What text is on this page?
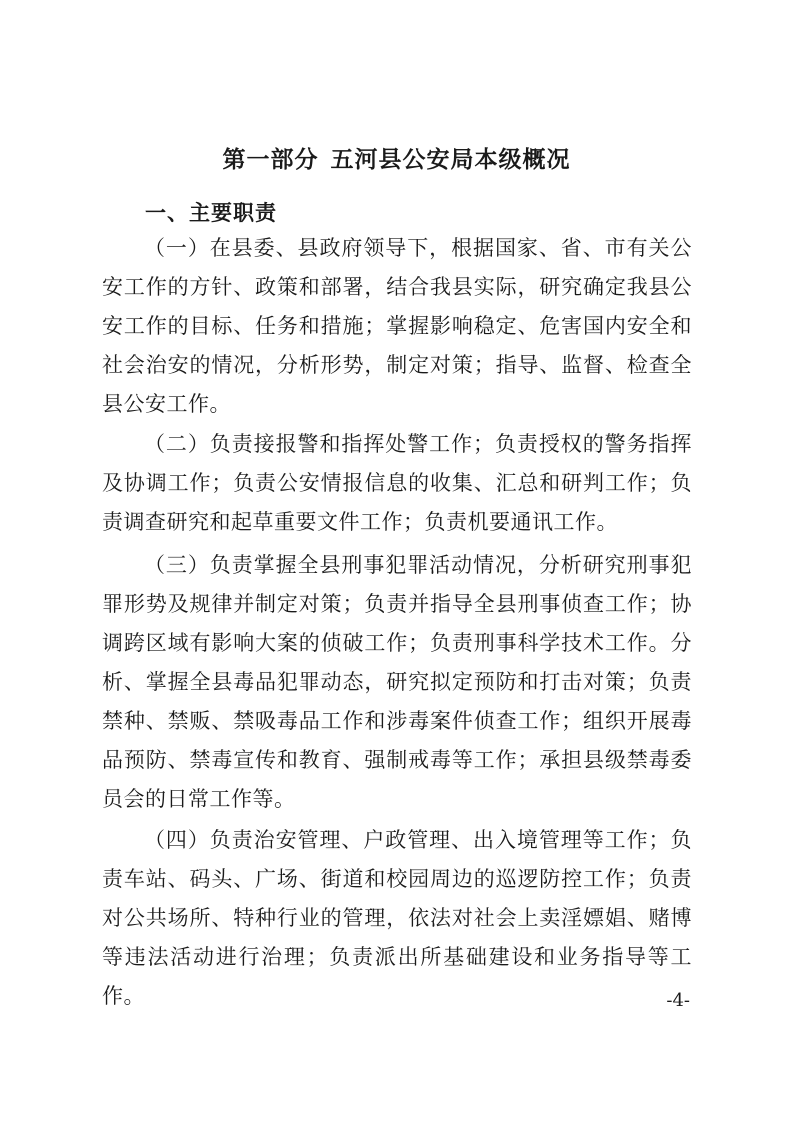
第一部分 五河县公安局本级概况
一、主要职责
（一）在县委、县政府领导下，根据国家、省、市有关公安工作的方针、政策和部署，结合我县实际，研究确定我县公安工作的目标、任务和措施；掌握影响稳定、危害国内安全和社会治安的情况，分析形势，制定对策；指导、监督、检查全县公安工作。
（二）负责接报警和指挥处警工作；负责授权的警务指挥及协调工作；负责公安情报信息的收集、汇总和研判工作；负责调查研究和起草重要文件工作；负责机要通讯工作。
（三）负责掌握全县刑事犯罪活动情况，分析研究刑事犯罪形势及规律并制定对策；负责并指导全县刑事侦查工作；协调跨区域有影响大案的侦破工作；负责刑事科学技术工作。分析、掌握全县毒品犯罪动态，研究拟定预防和打击对策；负责禁种、禁贩、禁吸毒品工作和涉毒案件侦查工作；组织开展毒品预防、禁毒宣传和教育、强制戒毒等工作；承担县级禁毒委员会的日常工作等。
（四）负责治安管理、户政管理、出入境管理等工作；负责车站、码头、广场、街道和校园周边的巡逻防控工作；负责对公共场所、特种行业的管理，依法对社会上卖淫嫖娼、赌博等违法活动进行治理；负责派出所基础建设和业务指导等工作。	-4-
